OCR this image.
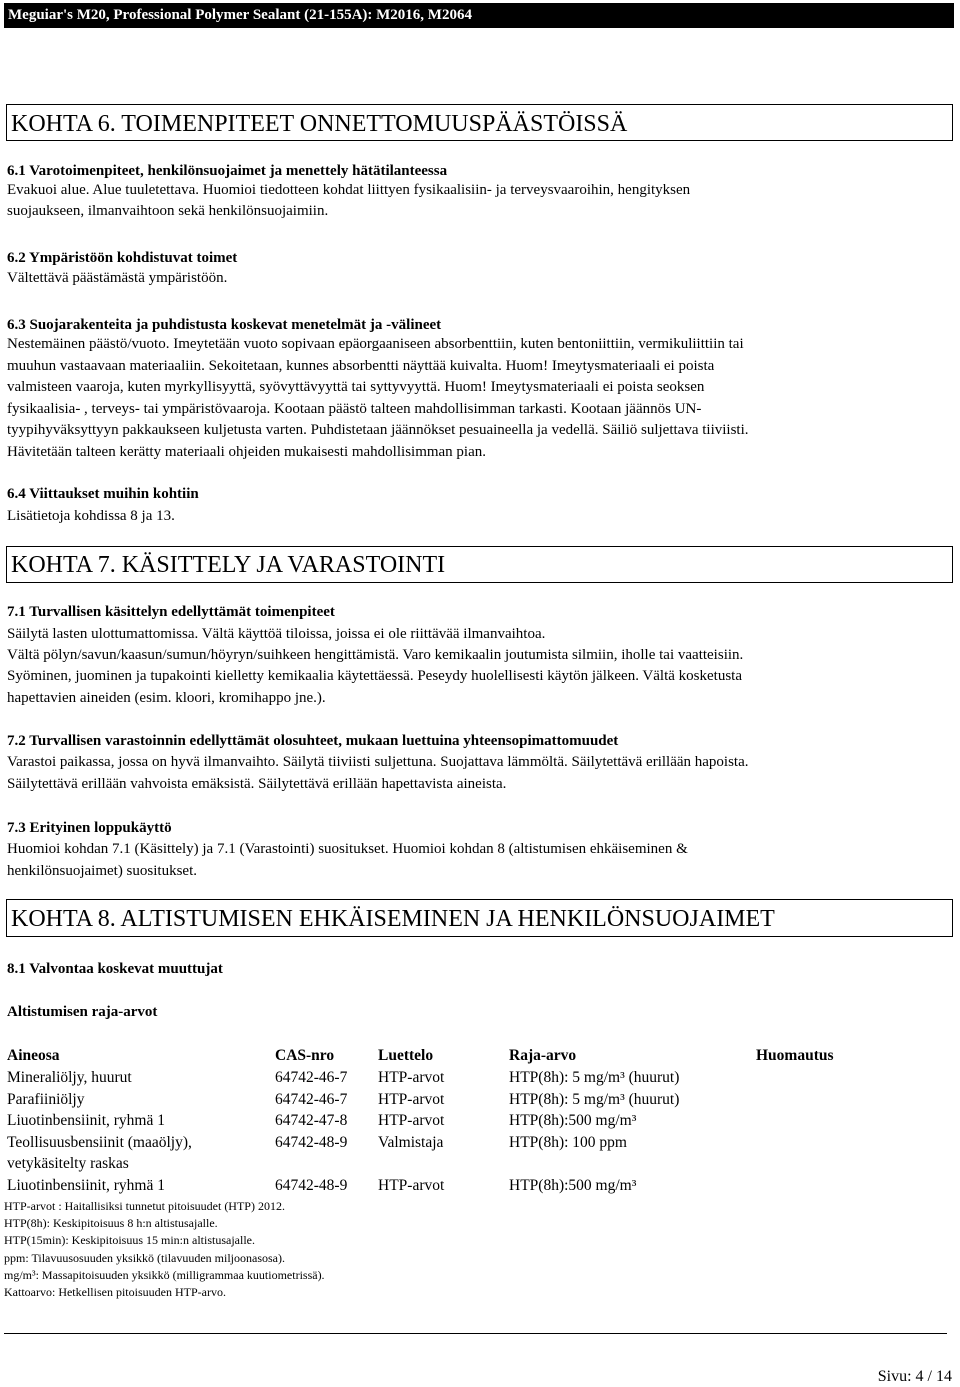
Meguiar's M20, Professional Polymer Sealant (21-155A): M2016, M2064
KOHTA 6. TOIMENPITEET ONNETTOMUUSPÄÄSTÖISSÄ
6.1 Varotoimenpiteet, henkilönsuojaimet ja menettely hätätilanteessa
Evakuoi alue. Alue tuuletettava. Huomioi tiedotteen kohdat liittyen fysikaalisiin- ja terveysvaaroihin, hengityksen
suojaukseen, ilmanvaihtoon sekä henkilönsuojaimiin.
6.2 Ympäristöön kohdistuvat toimet
Vältettävä päästämästä ympäristöön.
6.3 Suojarakenteita ja puhdistusta koskevat menetelmät ja -välineet
Nestemäinen päästö/vuoto. Imeytetään vuoto sopivaan epäorgaaniseen absorbenttiin, kuten bentoniittiin, vermikuliittiin tai
muuhun vastaavaan materiaaliin. Sekoitetaan, kunnes absorbentti näyttää kuivalta. Huom! Imeytysmateriaali ei poista
valmisteen vaaroja, kuten myrkyllisyyttä, syövyttävyyttä tai syttyvyyttä. Huom! Imeytysmateriaali ei poista seoksen
fysikaalisia- , terveys- tai ympäristövaaroja. Kootaan päästö talteen mahdollisimman tarkasti. Kootaan jäännös UN-
tyypihyväksyttyyn pakkaukseen kuljetusta varten. Puhdistetaan jäännökset pesuaineella ja vedellä. Säiliö suljettava tiiviisti.
Hävitetään talteen kerätty materiaali ohjeiden mukaisesti mahdollisimman pian.
6.4 Viittaukset muihin kohtiin
Lisätietoja kohdissa 8 ja 13.
KOHTA 7. KÄSITTELY JA VARASTOINTI
7.1 Turvallisen käsittelyn edellyttämät toimenpiteet
Säilytä lasten ulottumattomissa. Vältä käyttöä tiloissa, joissa ei ole riittävää ilmanvaihtoa.
Vältä pölyn/savun/kaasun/sumun/höyryn/suihkeen hengittämistä. Varo kemikaalin joutumista silmiin, iholle tai vaatteisiin.
Syöminen, juominen ja tupakointi kielletty kemikaalia käytettäessä. Peseydy huolellisesti käytön jälkeen. Vältä kosketusta
hapettavien aineiden (esim. kloori, kromihappo jne.).
7.2 Turvallisen varastoinnin edellyttämät olosuhteet, mukaan luettuina yhteensopimattomuudet
Varastoi paikassa, jossa on hyvä ilmanvaihto. Säilytä tiiviisti suljettuna. Suojattava lämmöltä. Säilytettävä erillään hapoista.
Säilytettävä erillään vahvoista emäksistä. Säilytettävä erillään hapettavista aineista.
7.3 Erityinen loppukäyttö
Huomioi kohdan 7.1 (Käsittely) ja 7.1 (Varastointi) suositukset. Huomioi kohdan 8 (altistumisen ehkäiseminen &
henkilönsuojaimet) suositukset.
KOHTA 8. ALTISTUMISEN EHKÄISEMINEN JA HENKILÖNSUOJAIMET
8.1 Valvontaa koskevat muuttujat
Altistumisen raja-arvot
Aineosa	CAS-nro	Luettelo	Raja-arvo	Huomautus
Mineraliöljy, huurut	64742-46-7 HTP-arvot	HTP(8h): 5 mg/m³ (huurut)
Parafiiniöljy	64742-46-7 HTP-arvot	HTP(8h): 5 mg/m³ (huurut)
Liuotinbensiinit, ryhmä 1	64742-47-8 HTP-arvot	HTP(8h):500 mg/m³
Teollisuusbensiinit (maaöljy),	64742-48-9 Valmistaja	HTP(8h): 100 ppm
vetykäsitelty raskas
Liuotinbensiinit, ryhmä 1	64742-48-9 HTP-arvot	HTP(8h):500 mg/m³
HTP-arvot : Haitallisiksi tunnetut pitoisuudet (HTP) 2012.
HTP(8h): Keskipitoisuus 8 h:n altistusajalle.
HTP(15min): Keskipitoisuus 15 min:n altistusajalle.
ppm: Tilavuusosuuden yksikkö (tilavuuden miljoonasosa).
mg/m³: Massapitoisuuden yksikkö (milligrammaa kuutiometrissä).
Kattoarvo: Hetkellisen pitoisuuden HTP-arvo.
Sivu: 4 / 14
